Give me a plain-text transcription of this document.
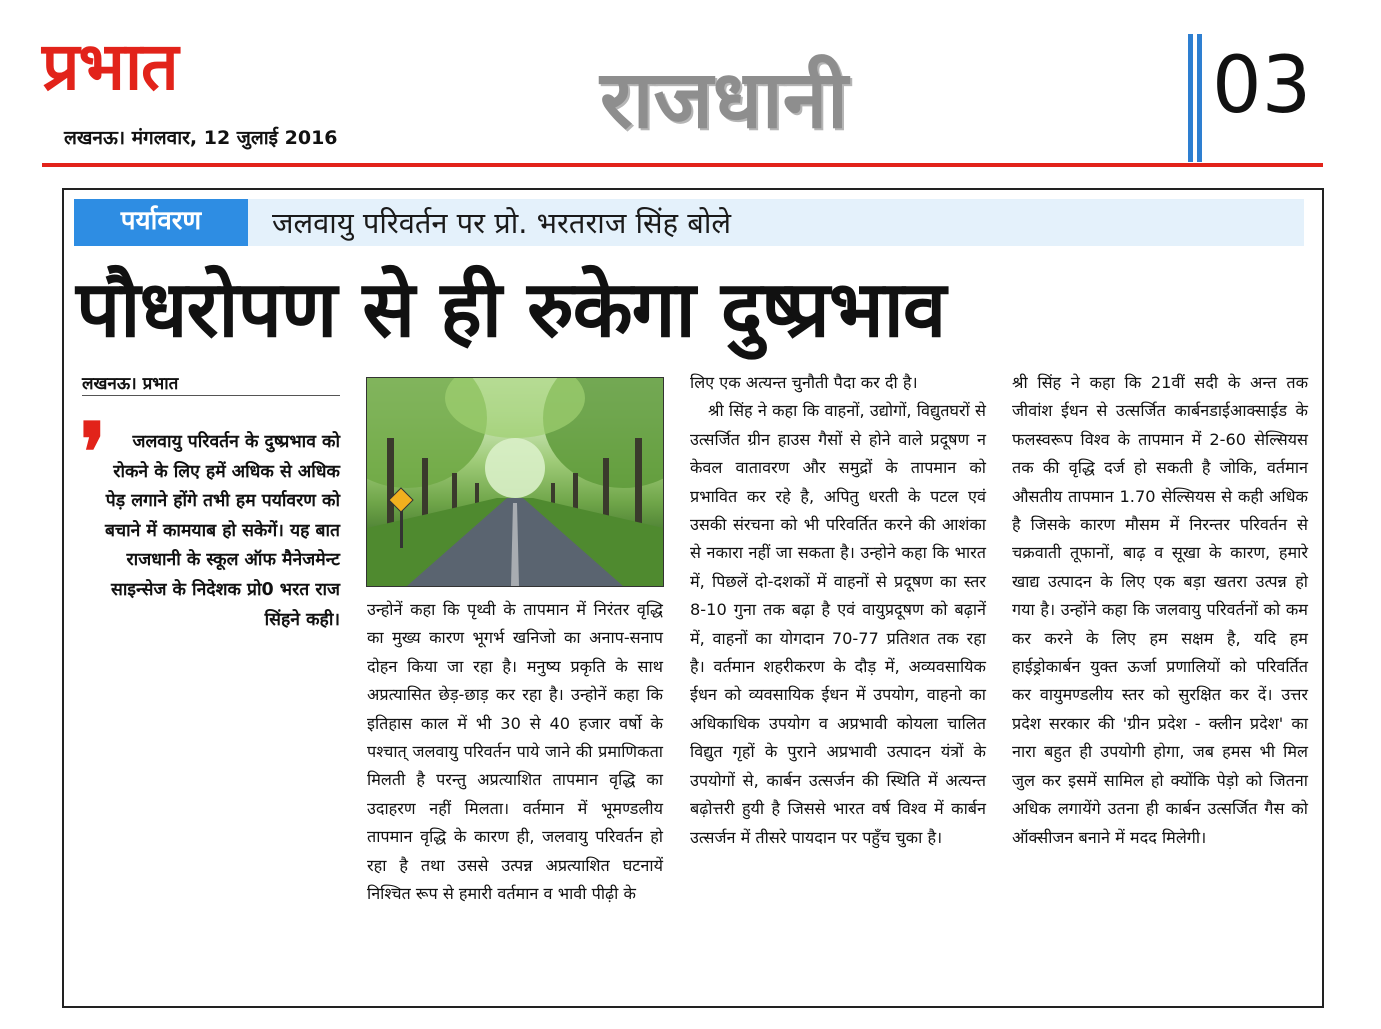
प्रभात
लखनऊ। मंगलवार, 12 जुलाई 2016	राजधानी	03
पर्यावरण	जलवायु परिवर्तन पर प्रो. भरतराज सिंह बोले
पौधरोपण से ही रुकेगा दुष्प्रभाव
लखनऊ। प्रभात
❜	जलवायु परिवर्तन के दुष्प्रभाव को रोकने के लिए हमें अधिक से अधिक पेड़ लगाने होंगे तभी हम पर्यावरण को बचाने में कामयाब हो सकेगें। यह बात राजधानी के स्कूल ऑफ मैनेजमेन्ट साइन्सेज के निदेशक प्रो0 भरत राज सिंहने कही।

उन्होनें कहा कि पृथ्वी के तापमान में निरंतर वृद्धि का मुख्य कारण भूगर्भ खनिजो का अनाप-सनाप दोहन किया जा रहा है। मनुष्य प्रकृति के साथ अप्रत्यासित छेड़-छाड़ कर रहा है। उन्होनें कहा कि इतिहास काल में भी 30 से 40 हजार वर्षो के पश्चात् जलवायु परिवर्तन पाये जाने की प्रमाणिकता मिलती है परन्तु अप्रत्याशित तापमान वृद्धि का उदाहरण नहीं मिलता। वर्तमान में भूमण्डलीय तापमान वृद्धि के कारण ही, जलवायु परिवर्तन हो रहा है तथा उससे उत्पन्न अप्रत्याशित घटनायें निश्चित रूप से हमारी वर्तमान व भावी पीढ़ी के

लिए एक अत्यन्त चुनौती पैदा कर दी है।

श्री सिंह ने कहा कि वाहनों, उद्योगों, विद्युतघरों से उत्सर्जित ग्रीन हाउस गैसों से होने वाले प्रदूषण न केवल वातावरण और समुद्रों के तापमान को प्रभावित कर रहे है, अपितु धरती के पटल एवं उसकी संरचना को भी परिवर्तित करने की आशंका से नकारा नहीं जा सकता है। उन्होने कहा कि भारत में, पिछलें दो-दशकों में वाहनों से प्रदूषण का स्तर 8-10 गुना तक बढ़ा है एवं वायुप्रदूषण को बढ़ानें में, वाहनों का योगदान 70-77 प्रतिशत तक रहा है। वर्तमान शहरीकरण के दौड़ में, अव्यवसायिक ईधन को व्यवसायिक ईधन में उपयोग, वाहनो का अधिकाधिक उपयोग व अप्रभावी कोयला चालित विद्युत गृहों के पुराने अप्रभावी उत्पादन यंत्रों के उपयोगों से, कार्बन उत्सर्जन की स्थिति में अत्यन्त बढ़ोत्तरी हुयी है जिससे भारत वर्ष विश्व में कार्बन उत्सर्जन में तीसरे पायदान पर पहुँच चुका है।

श्री सिंह ने कहा कि 21वीं सदी के अन्त तक जीवांश ईधन से उत्सर्जित कार्बनडाईआक्साईड के फलस्वरूप विश्व के तापमान में 2-60 सेल्सियस तक की वृद्धि दर्ज हो सकती है जोकि, वर्तमान औसतीय तापमान 1.70 सेल्सियस से कही अधिक है जिसके कारण मौसम में निरन्तर परिवर्तन से चक्रवाती तूफानों, बाढ़ व सूखा के कारण, हमारे खाद्य उत्पादन के लिए एक बड़ा खतरा उत्पन्न हो गया है। उन्होंने कहा कि जलवायु परिवर्तनों को कम कर करने के लिए हम सक्षम है, यदि हम हाईड्रोकार्बन युक्त ऊर्जा प्रणालियों को परिवर्तित कर वायुमण्डलीय स्तर को सुरक्षित कर दें। उत्तर प्रदेश सरकार की 'ग्रीन प्रदेश - क्लीन प्रदेश' का नारा बहुत ही उपयोगी होगा, जब हमस भी मिल जुल कर इसमें सामिल हो क्योंकि पेड़ो को जितना अधिक लगायेंगे उतना ही कार्बन उत्सर्जित गैस को ऑक्सीजन बनाने में मदद मिलेगी।
